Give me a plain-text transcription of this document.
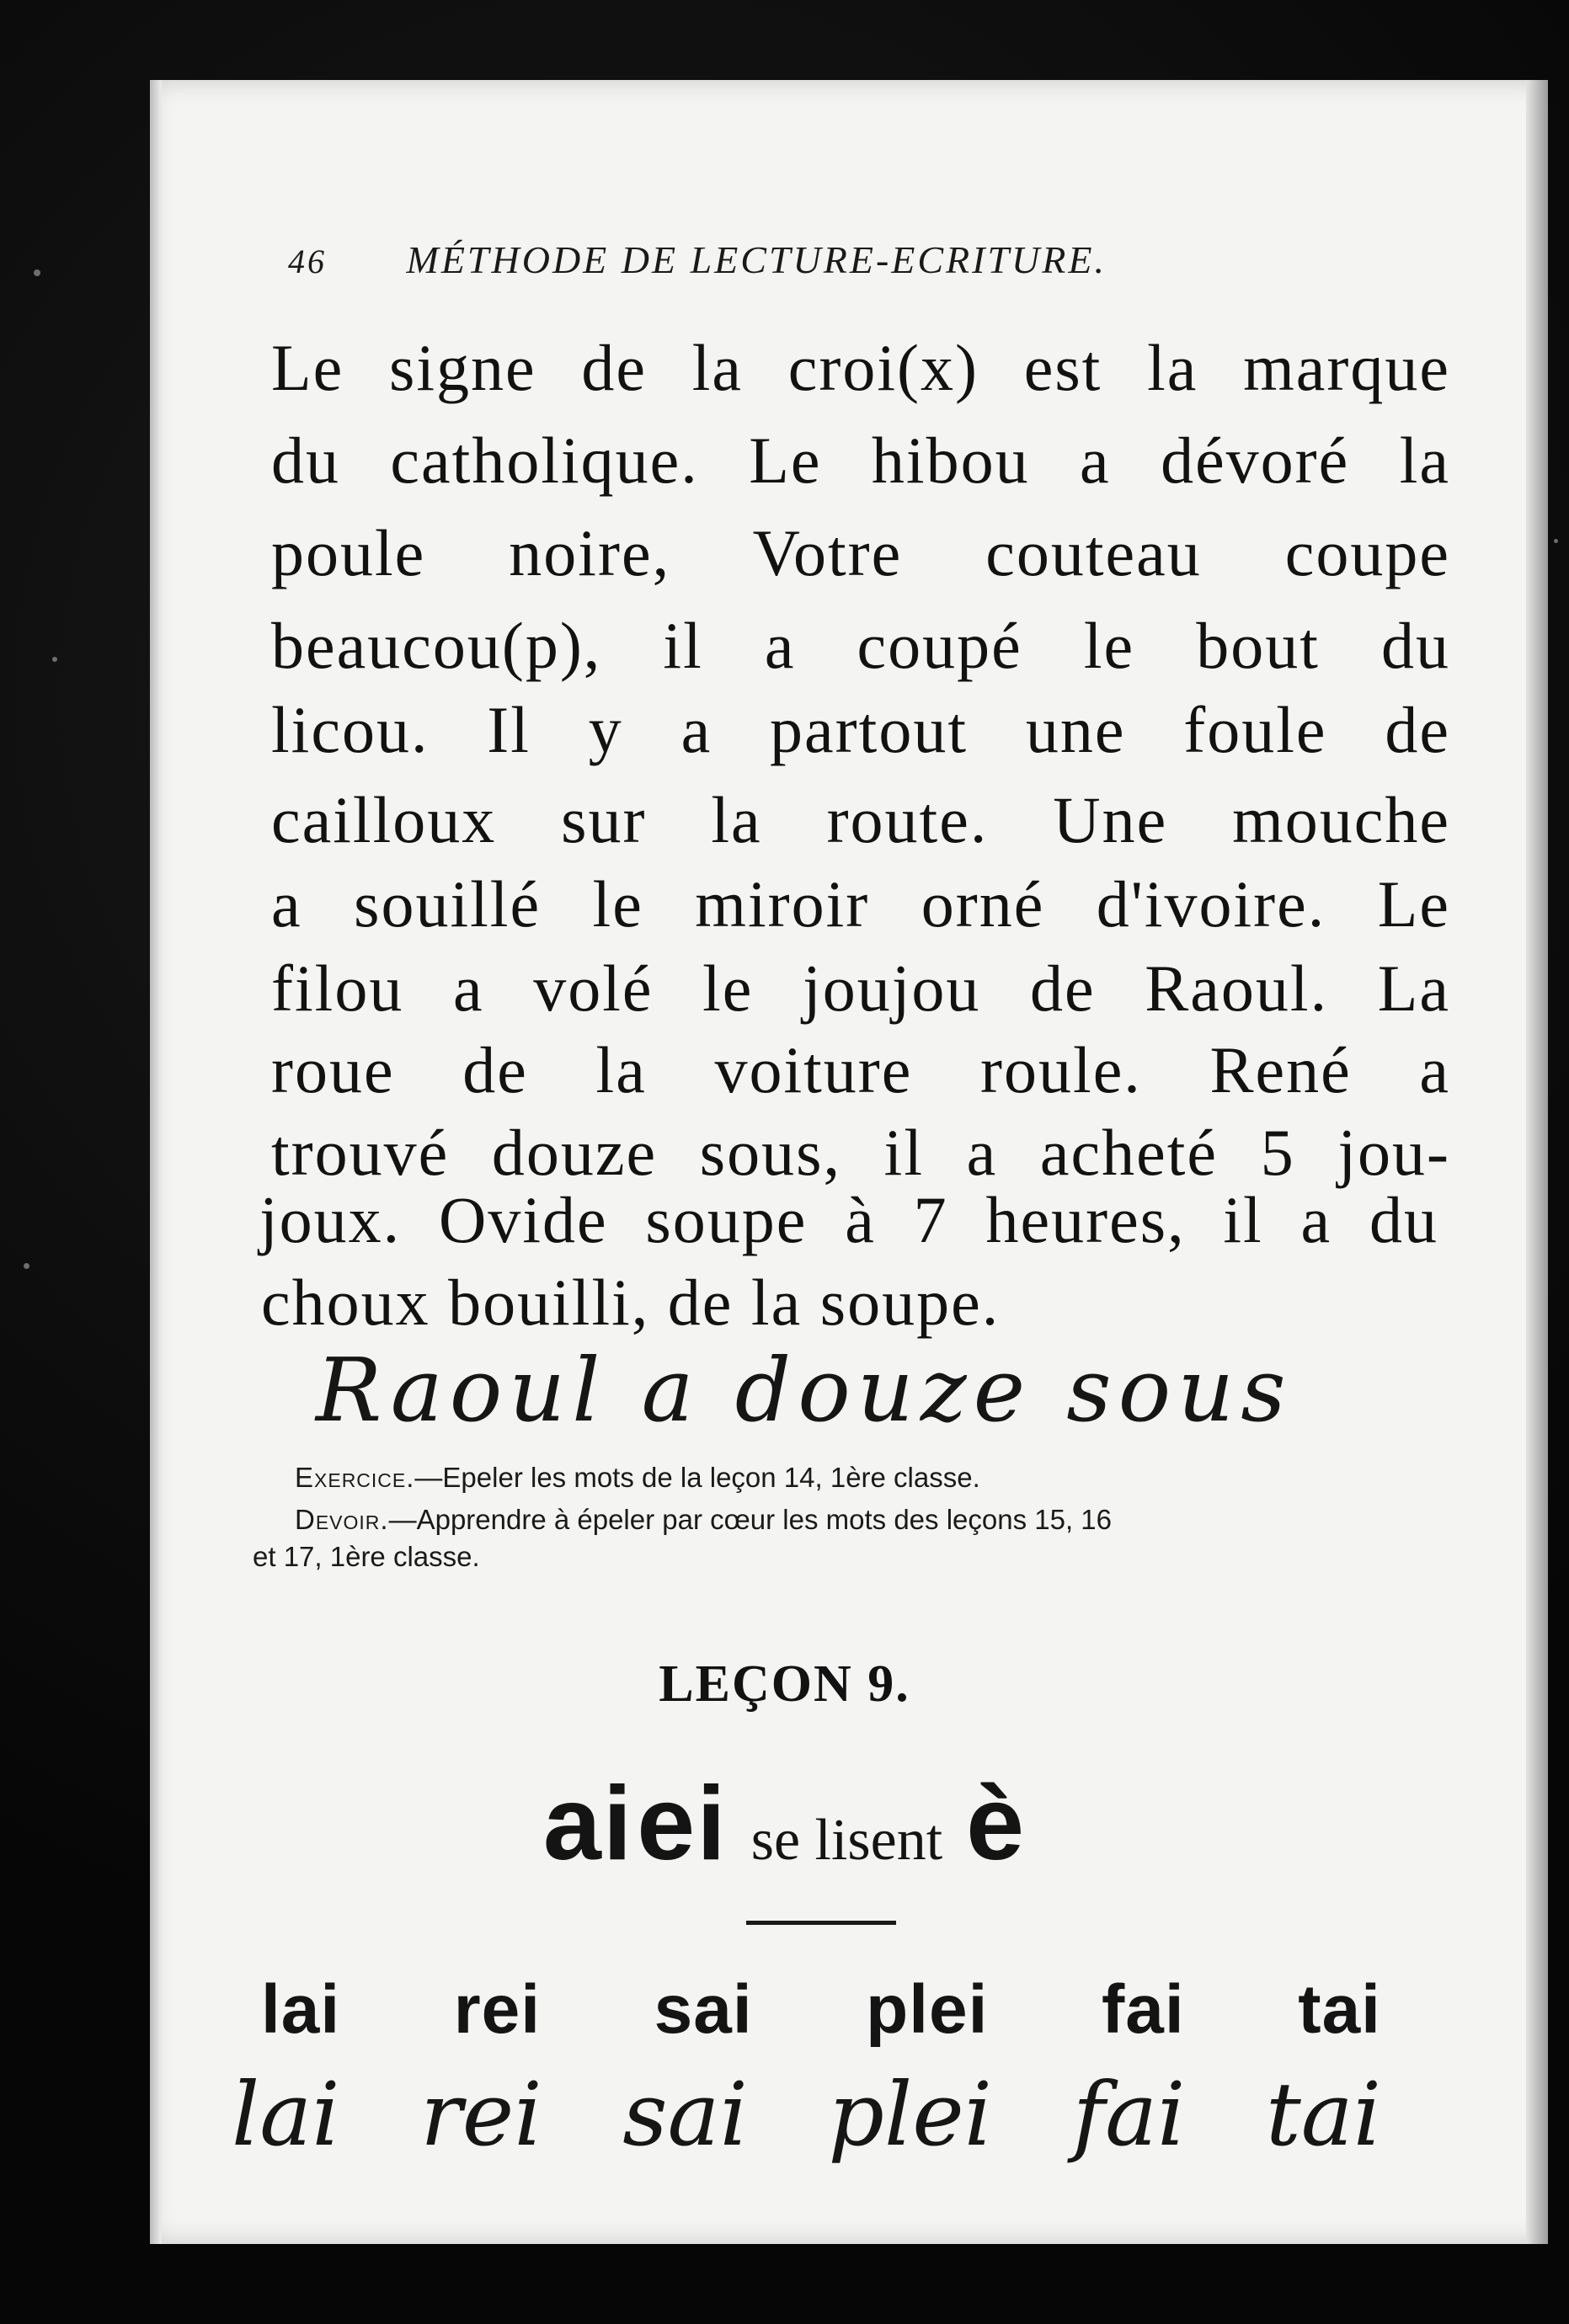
46 MÉTHODE DE LECTURE-ECRITURE.
Le signe de la croi(x) est la marque
du catholique. Le hibou a dévoré la
poule noire, Votre couteau coupe
beaucou(p), il a coupé le bout du
licou. Il y a partout une foule de
cailloux sur la route. Une mouche
a souillé le miroir orné d'ivoire. Le
filou a volé le joujou de Raoul. La
roue de la voiture roule. René a
trouvé douze sous, il a acheté 5 jou-
joux. Ovide soupe à 7 heures, il a du
choux bouilli, de la soupe.
Raoul a douze sous
Exercice.—Epeler les mots de la leçon 14, 1ère classe.
Devoir.—Apprendre à épeler par cœur les mots des leçons 15, 16
et 17, 1ère classe.
LEÇON 9.
ai ei se lisent è
lai rei sai plei fai tai
lai rei sai plei fai tai
